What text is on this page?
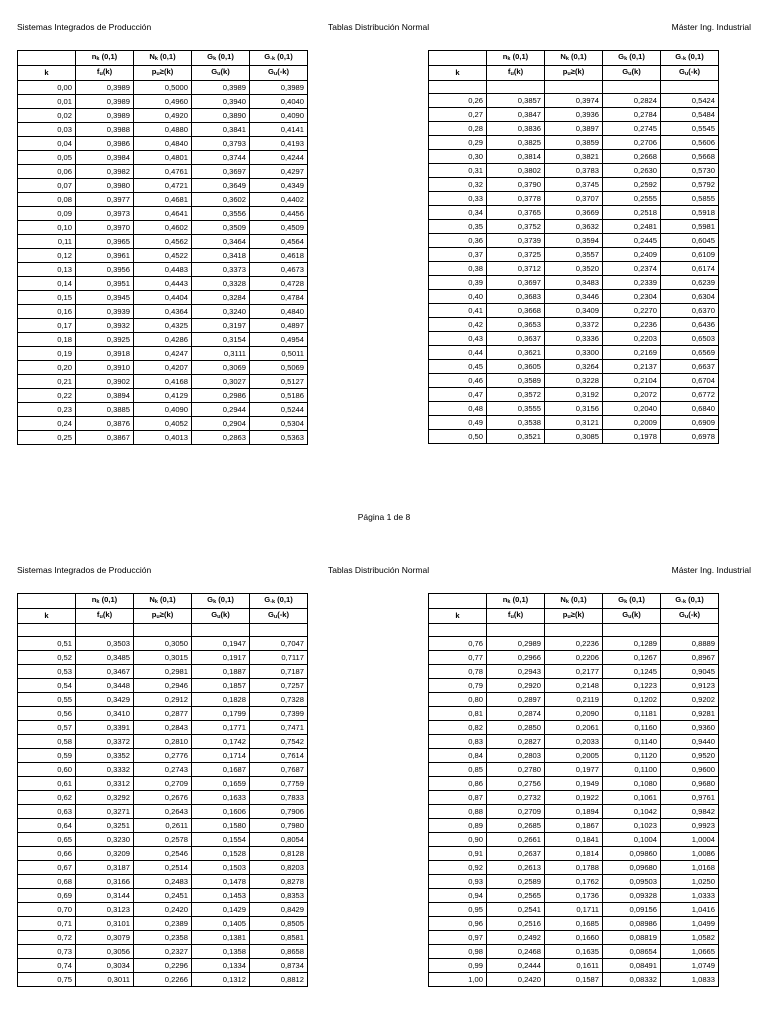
Sistemas Integrados de Producción	Tablas Distribución Normal	Máster Ing. Industrial
	nk (0,1)	Nk (0,1)	Gk (0,1)	G-k (0,1)
k	fu(k)	pu≥(k)	Gu(k)	Gu(-k)
0,00	0,3989	0,5000	0,3989	0,3989
0,01	0,3989	0,4960	0,3940	0,4040
0,02	0,3989	0,4920	0,3890	0,4090
0,03	0,3988	0,4880	0,3841	0,4141
0,04	0,3986	0,4840	0,3793	0,4193
0,05	0,3984	0,4801	0,3744	0,4244
0,06	0,3982	0,4761	0,3697	0,4297
0,07	0,3980	0,4721	0,3649	0,4349
0,08	0,3977	0,4681	0,3602	0,4402
0,09	0,3973	0,4641	0,3556	0,4456
0,10	0,3970	0,4602	0,3509	0,4509
0,11	0,3965	0,4562	0,3464	0,4564
0,12	0,3961	0,4522	0,3418	0,4618
0,13	0,3956	0,4483	0,3373	0,4673
0,14	0,3951	0,4443	0,3328	0,4728
0,15	0,3945	0,4404	0,3284	0,4784
0,16	0,3939	0,4364	0,3240	0,4840
0,17	0,3932	0,4325	0,3197	0,4897
0,18	0,3925	0,4286	0,3154	0,4954
0,19	0,3918	0,4247	0,3111	0,5011
0,20	0,3910	0,4207	0,3069	0,5069
0,21	0,3902	0,4168	0,3027	0,5127
0,22	0,3894	0,4129	0,2986	0,5186
0,23	0,3885	0,4090	0,2944	0,5244
0,24	0,3876	0,4052	0,2904	0,5304
0,25	0,3867	0,4013	0,2863	0,5363
	nk (0,1)	Nk (0,1)	Gk (0,1)	G-k (0,1)
k	fu(k)	pu≥(k)	Gu(k)	Gu(-k)

0,26	0,3857	0,3974	0,2824	0,5424
0,27	0,3847	0,3936	0,2784	0,5484
0,28	0,3836	0,3897	0,2745	0,5545
0,29	0,3825	0,3859	0,2706	0,5606
0,30	0,3814	0,3821	0,2668	0,5668
0,31	0,3802	0,3783	0,2630	0,5730
0,32	0,3790	0,3745	0,2592	0,5792
0,33	0,3778	0,3707	0,2555	0,5855
0,34	0,3765	0,3669	0,2518	0,5918
0,35	0,3752	0,3632	0,2481	0,5981
0,36	0,3739	0,3594	0,2445	0,6045
0,37	0,3725	0,3557	0,2409	0,6109
0,38	0,3712	0,3520	0,2374	0,6174
0,39	0,3697	0,3483	0,2339	0,6239
0,40	0,3683	0,3446	0,2304	0,6304
0,41	0,3668	0,3409	0,2270	0,6370
0,42	0,3653	0,3372	0,2236	0,6436
0,43	0,3637	0,3336	0,2203	0,6503
0,44	0,3621	0,3300	0,2169	0,6569
0,45	0,3605	0,3264	0,2137	0,6637
0,46	0,3589	0,3228	0,2104	0,6704
0,47	0,3572	0,3192	0,2072	0,6772
0,48	0,3555	0,3156	0,2040	0,6840
0,49	0,3538	0,3121	0,2009	0,6909
0,50	0,3521	0,3085	0,1978	0,6978
Página 1 de 8
Sistemas Integrados de Producción	Tablas Distribución Normal	Máster Ing. Industrial
	nk (0,1)	Nk (0,1)	Gk (0,1)	G-k (0,1)
k	fu(k)	pu≥(k)	Gu(k)	Gu(-k)

0,51	0,3503	0,3050	0,1947	0,7047
0,52	0,3485	0,3015	0,1917	0,7117
0,53	0,3467	0,2981	0,1887	0,7187
0,54	0,3448	0,2946	0,1857	0,7257
0,55	0,3429	0,2912	0,1828	0,7328
0,56	0,3410	0,2877	0,1799	0,7399
0,57	0,3391	0,2843	0,1771	0,7471
0,58	0,3372	0,2810	0,1742	0,7542
0,59	0,3352	0,2776	0,1714	0,7614
0,60	0,3332	0,2743	0,1687	0,7687
0,61	0,3312	0,2709	0,1659	0,7759
0,62	0,3292	0,2676	0,1633	0,7833
0,63	0,3271	0,2643	0,1606	0,7906
0,64	0,3251	0,2611	0,1580	0,7980
0,65	0,3230	0,2578	0,1554	0,8054
0,66	0,3209	0,2546	0,1528	0,8128
0,67	0,3187	0,2514	0,1503	0,8203
0,68	0,3166	0,2483	0,1478	0,8278
0,69	0,3144	0,2451	0,1453	0,8353
0,70	0,3123	0,2420	0,1429	0,8429
0,71	0,3101	0,2389	0,1405	0,8505
0,72	0,3079	0,2358	0,1381	0,8581
0,73	0,3056	0,2327	0,1358	0,8658
0,74	0,3034	0,2296	0,1334	0,8734
0,75	0,3011	0,2266	0,1312	0,8812
	nk (0,1)	Nk (0,1)	Gk (0,1)	G-k (0,1)
k	fu(k)	pu≥(k)	Gu(k)	Gu(-k)

0,76	0,2989	0,2236	0,1289	0,8889
0,77	0,2966	0,2206	0,1267	0,8967
0,78	0,2943	0,2177	0,1245	0,9045
0,79	0,2920	0,2148	0,1223	0,9123
0,80	0,2897	0,2119	0,1202	0,9202
0,81	0,2874	0,2090	0,1181	0,9281
0,82	0,2850	0,2061	0,1160	0,9360
0,83	0,2827	0,2033	0,1140	0,9440
0,84	0,2803	0,2005	0,1120	0,9520
0,85	0,2780	0,1977	0,1100	0,9600
0,86	0,2756	0,1949	0,1080	0,9680
0,87	0,2732	0,1922	0,1061	0,9761
0,88	0,2709	0,1894	0,1042	0,9842
0,89	0,2685	0,1867	0,1023	0,9923
0,90	0,2661	0,1841	0,1004	1,0004
0,91	0,2637	0,1814	0,09860	1,0086
0,92	0,2613	0,1788	0,09680	1,0168
0,93	0,2589	0,1762	0,09503	1,0250
0,94	0,2565	0,1736	0,09328	1,0333
0,95	0,2541	0,1711	0,09156	1,0416
0,96	0,2516	0,1685	0,08986	1,0499
0,97	0,2492	0,1660	0,08819	1,0582
0,98	0,2468	0,1635	0,08654	1,0665
0,99	0,2444	0,1611	0,08491	1,0749
1,00	0,2420	0,1587	0,08332	1,0833
